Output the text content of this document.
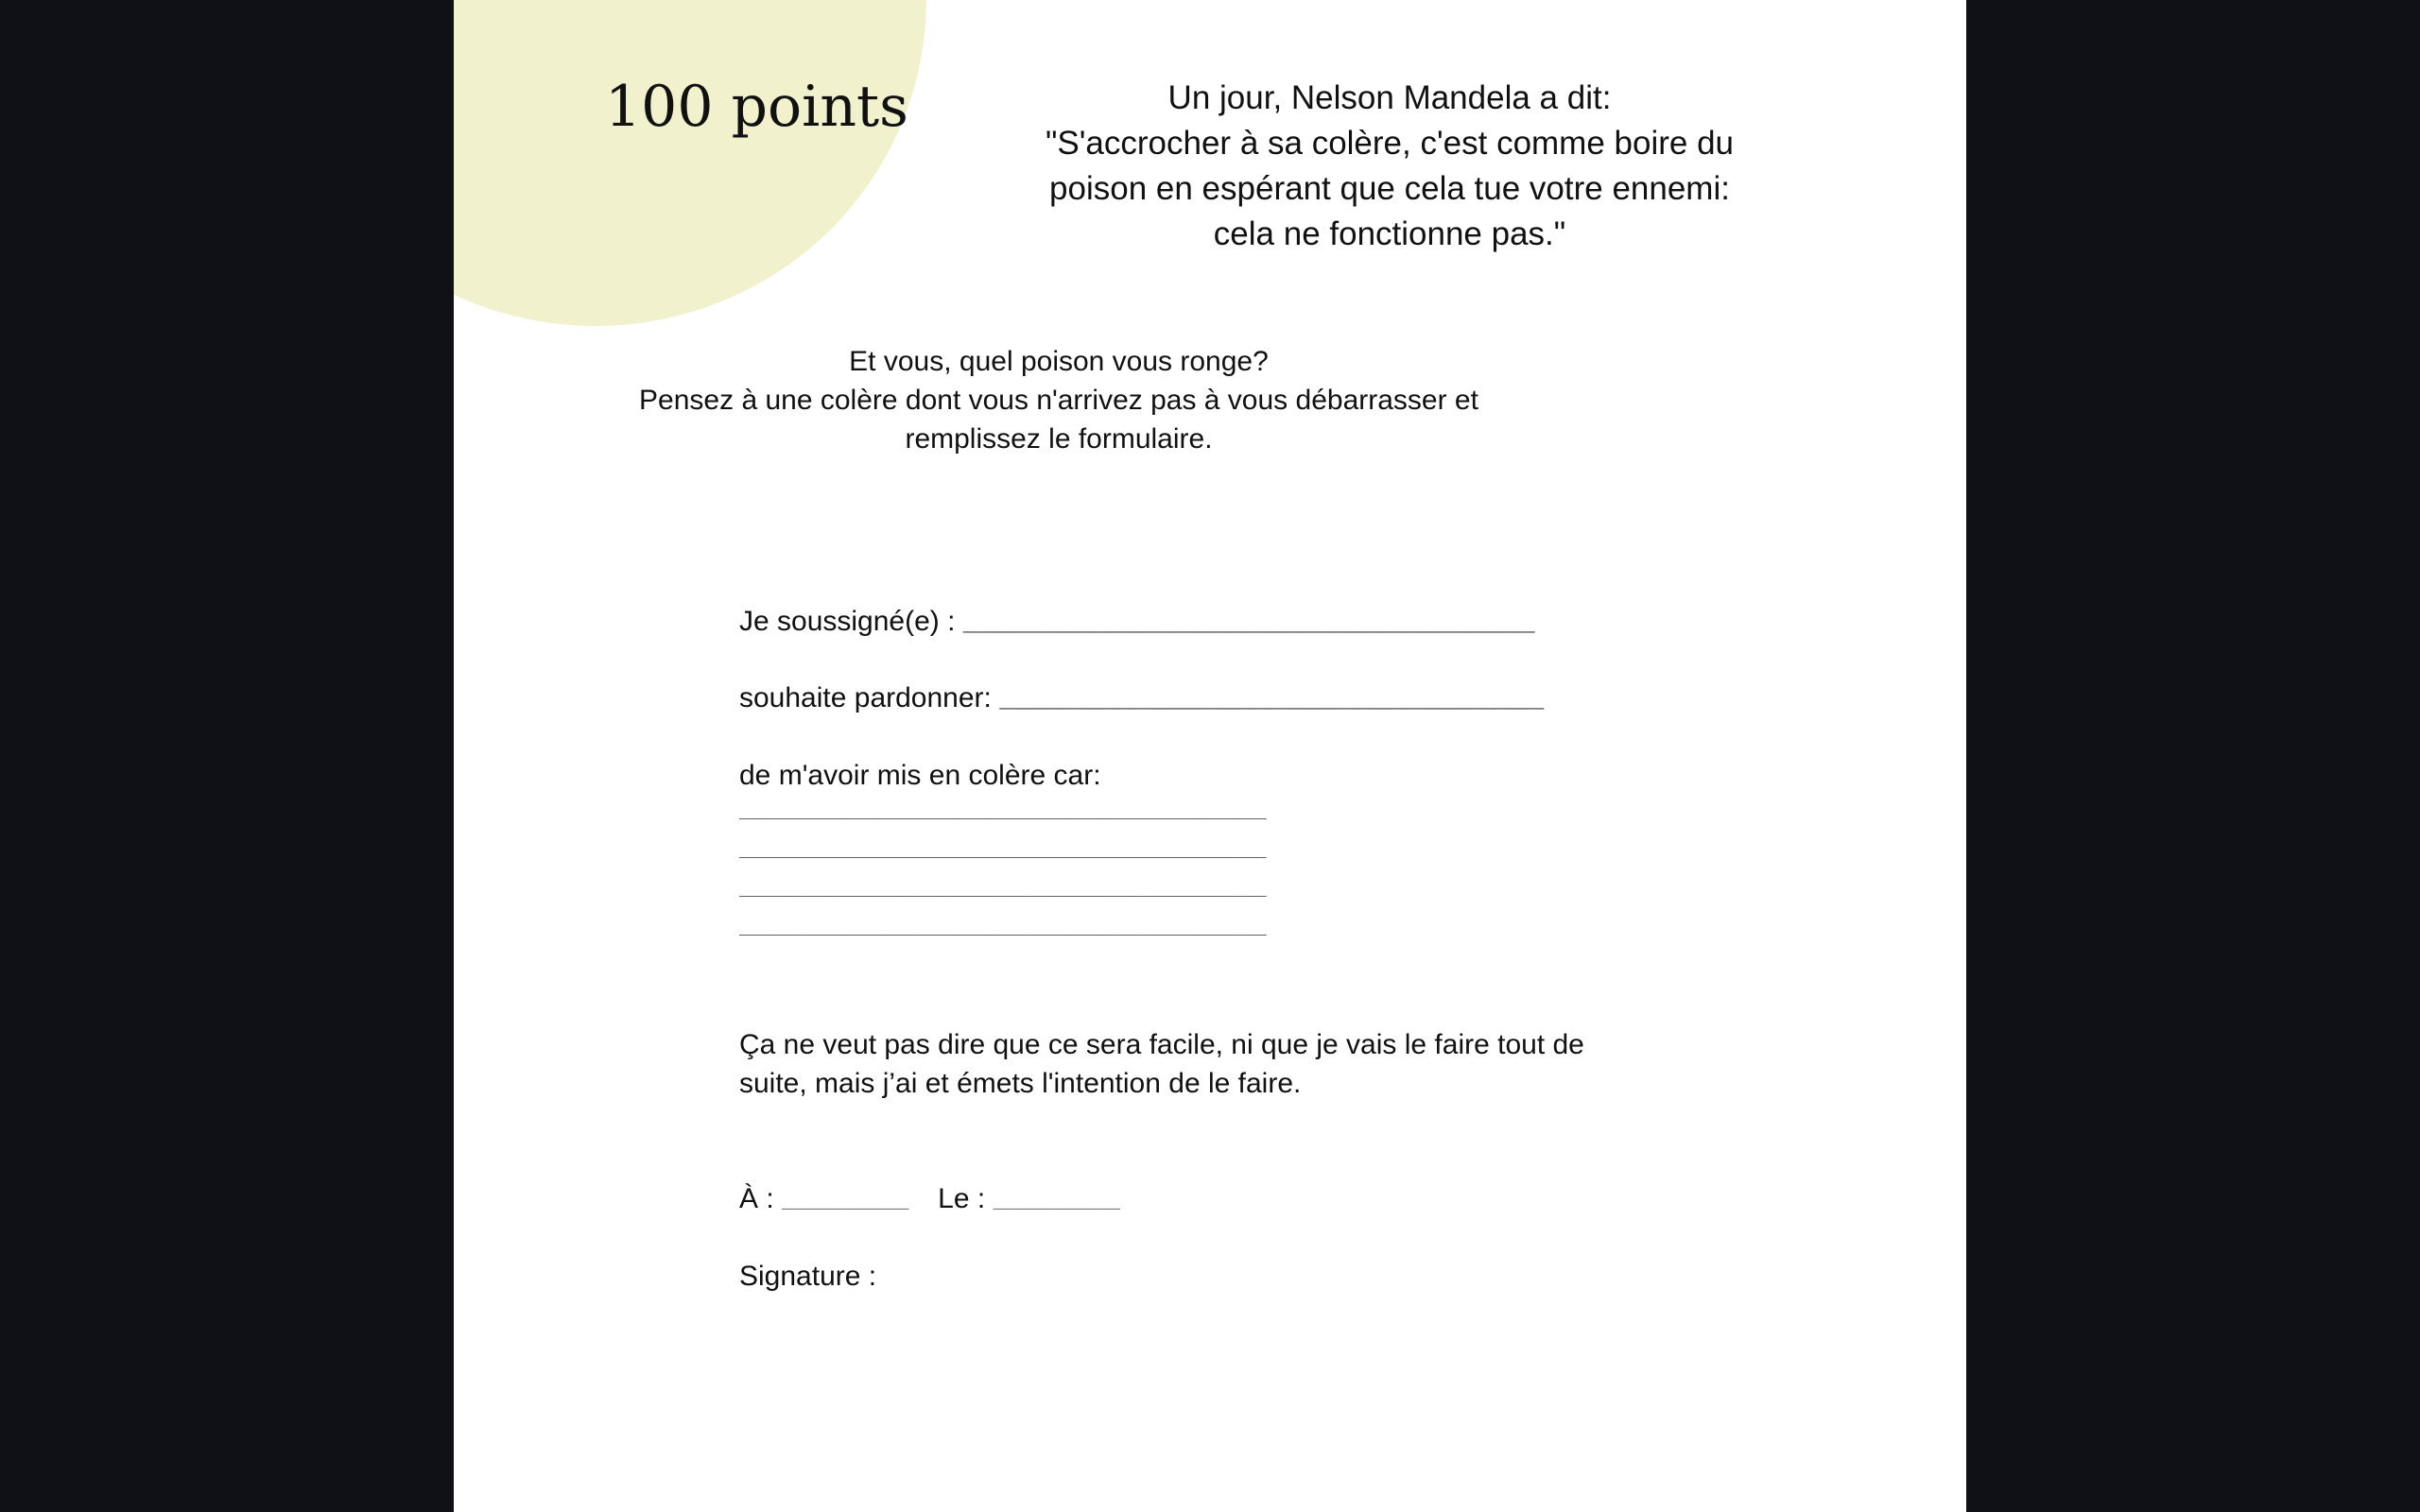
100 points	Un jour, Nelson Mandela a dit:
"S'accrocher à sa colère, c'est comme boire du
poison en espérant que cela tue votre ennemi:
cela ne fonctionne pas."
Et vous, quel poison vous ronge?
Pensez à une colère dont vous n'arrivez pas à vous débarrasser et remplissez le formulaire.
Je soussigné(e) : __________________________________________
souhaite pardonner: ________________________________________
de m'avoir mis en colère car:
________________________________________________________
________________________________________________________
________________________________________________________
________________________________________________________
Ça ne veut pas dire que ce sera facile, ni que je vais le faire tout de suite, mais j’ai et émets l'intention de le faire.
À : ______________ Le : ______________
Signature :
